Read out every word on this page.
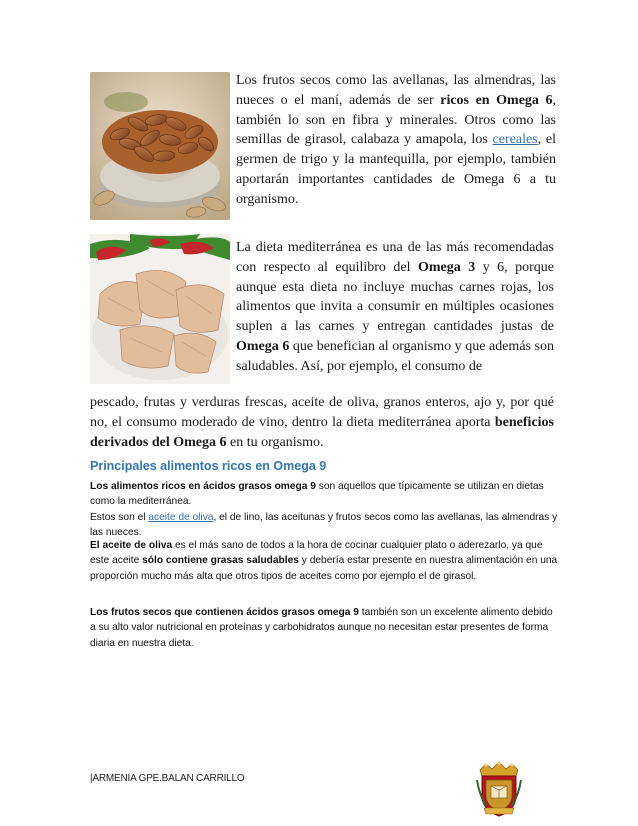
Los frutos secos como las avellanas, las almendras, las nueces o el maní, además de ser ricos en Omega 6, también lo son en fibra y minerales. Otros como las semillas de girasol, calabaza y amapola, los cereales, el germen de trigo y la mantequilla, por ejemplo, también aportarán importantes cantidades de Omega 6 a tu organismo.

La dieta mediterránea es una de las más recomendadas con respecto al equilibro del Omega 3 y 6, porque aunque esta dieta no incluye muchas carnes rojas, los alimentos que invita a consumir en múltiples ocasiones suplen a las carnes y entregan cantidades justas de Omega 6 que benefician al organismo y que además son saludables. Así, por ejemplo, el consumo de

pescado, frutas y verduras frescas, aceite de oliva, granos enteros, ajo y, por qué no, el consumo moderado de vino, dentro la dieta mediterránea aporta beneficios derivados del Omega 6 en tu organismo.

Principales alimentos ricos en Omega 9

Los alimentos ricos en ácidos grasos omega 9 son aquellos que típicamente se utilizan en dietas como la mediterránea.
Estos son el aceite de oliva, el de lino, las aceitunas y frutos secos como las avellanas, las almendras y las nueces.

El aceite de oliva es el más sano de todos a la hora de cocinar cualquier plato o aderezarlo, ya que este aceite sólo contiene grasas saludables y debería estar presente en nuestra alimentación en una proporción mucho más alta que otros tipos de aceites como por ejemplo el de girasol.

Los frutos secos que contienen ácidos grasos omega 9 también son un excelente alimento debido a su alto valor nutricional en proteínas y carbohidratos aunque no necesitan estar presentes de forma diaria en nuestra dieta.

|ARMENIA GPE.BALAN CARRILLO
